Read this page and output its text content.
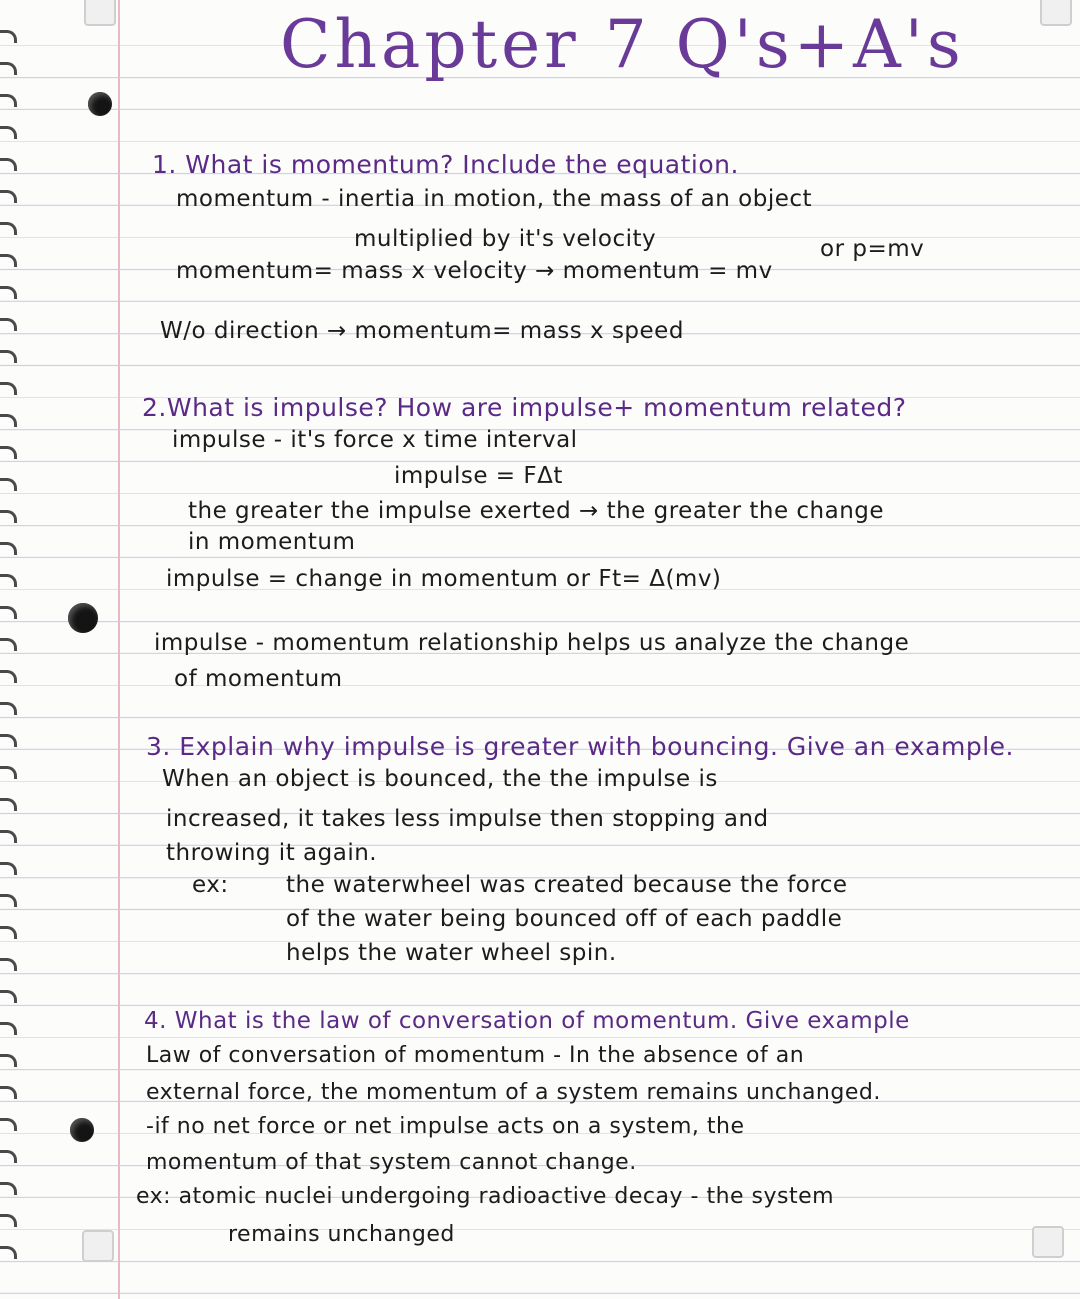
Chapter 7 Q's+A's
1. What is momentum? Include the equation.
momentum - inertia in motion, the mass of an object
multiplied by it's velocity
momentum= mass x velocity → momentum = mv
or p=mv
W/o direction → momentum= mass x speed
2.What is impulse? How are impulse+ momentum related?
impulse - it's force x time interval
impulse = FΔt
the greater the impulse exerted → the greater the change
in momentum
impulse = change in momentum or Ft= Δ(mv)
impulse - momentum relationship helps us analyze the change
of momentum
3. Explain why impulse is greater with bouncing. Give an example.
When an object is bounced, the the impulse is
increased, it takes less impulse then stopping and
throwing it again.
ex: the waterwheel was created because the force
of the water being bounced off of each paddle
helps the water wheel spin.
4. What is the law of conversation of momentum. Give example
Law of conversation of momentum - In the absence of an
external force, the momentum of a system remains unchanged.
-if no net force or net impulse acts on a system, the
momentum of that system cannot change.
ex: atomic nuclei undergoing radioactive decay - the system
remains unchanged
